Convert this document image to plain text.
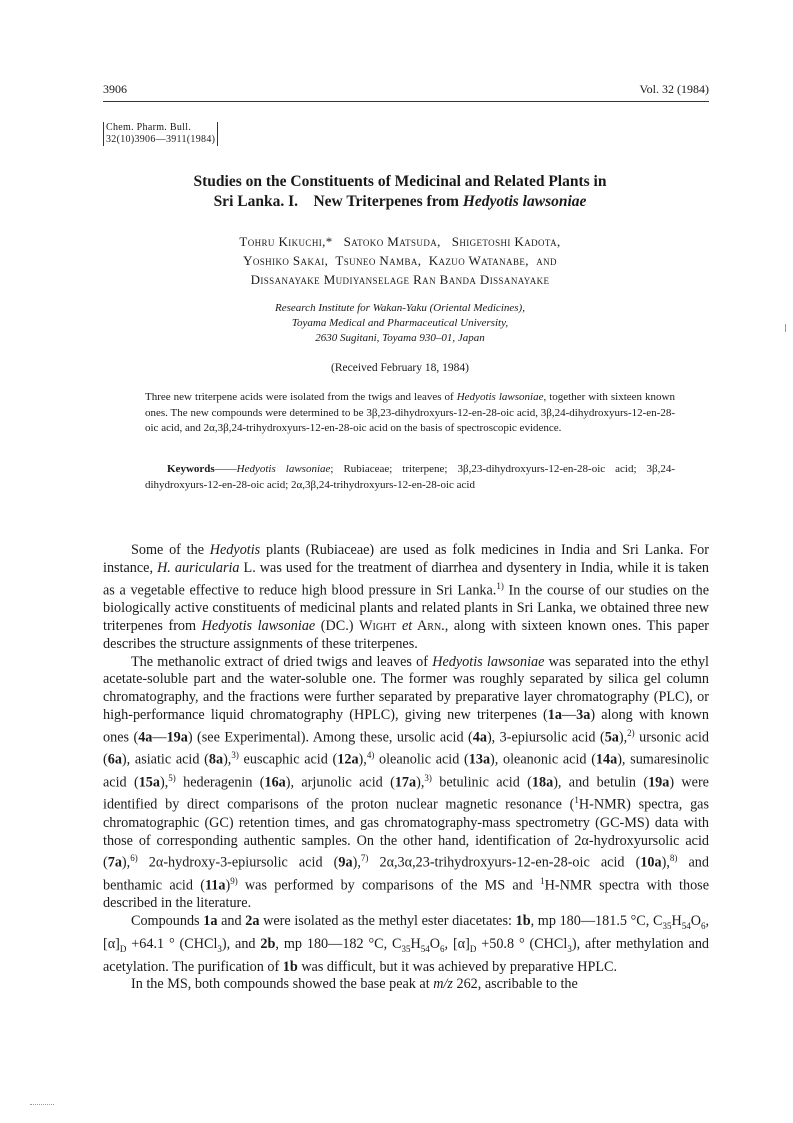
3906	Vol. 32 (1984)
Chem. Pharm. Bull.
32(10)3906—3911(1984)
Studies on the Constituents of Medicinal and Related Plants in
Sri Lanka. I.    New Triterpenes from Hedyotis lawsoniae
Tohru Kikuchi,*   Satoko Matsuda,   Shigetoshi Kadota,
Yoshiko Sakai,  Tsuneo Namba,  Kazuo Watanabe,  and
Dissanayake Mudiyanselage Ran Banda Dissanayake
Research Institute for Wakan-Yaku (Oriental Medicines),
Toyama Medical and Pharmaceutical University,
2630 Sugitani, Toyama 930–01, Japan
(Received February 18, 1984)
Three new triterpene acids were isolated from the twigs and leaves of Hedyotis lawsoniae, together with sixteen known ones. The new compounds were determined to be 3β,23-dihydroxyurs-12-en-28-oic acid, 3β,24-dihydroxyurs-12-en-28-oic acid, and 2α,3β,24-trihydroxyurs-12-en-28-oic acid on the basis of spectroscopic evidence.
Keywords——Hedyotis lawsoniae; Rubiaceae; triterpene; 3β,23-dihydroxyurs-12-en-28-oic acid; 3β,24-dihydroxyurs-12-en-28-oic acid; 2α,3β,24-trihydroxyurs-12-en-28-oic acid

Some of the Hedyotis plants (Rubiaceae) are used as folk medicines in India and Sri Lanka. For instance, H. auricularia L. was used for the treatment of diarrhea and dysentery in India, while it is taken as a vegetable effective to reduce high blood pressure in Sri Lanka.$^{1)}$ In the course of our studies on the biologically active constituents of medicinal plants and related plants in Sri Lanka, we obtained three new triterpenes from Hedyotis lawsoniae (DC.) Wight et Arn., along with sixteen known ones. This paper describes the structure assignments of these triterpenes.

The methanolic extract of dried twigs and leaves of Hedyotis lawsoniae was separated into the ethyl acetate-soluble part and the water-soluble one. The former was roughly separated by silica gel column chromatography, and the fractions were further separated by preparative layer chromatography (PLC), or high-performance liquid chromatography (HPLC), giving new triterpenes (1a—3a) along with known ones (4a—19a) (see Experimental). Among these, ursolic acid (4a), 3-epiursolic acid (5a),$^{2)}$ ursonic acid (6a), asiatic acid (8a),$^{3)}$ euscaphic acid (12a),$^{4)}$ oleanolic acid (13a), oleanonic acid (14a), sumaresinolic acid (15a),$^{5)}$ hederagenin (16a), arjunolic acid (17a),$^{3)}$ betulinic acid (18a), and betulin (19a) were identified by direct comparisons of the proton nuclear magnetic resonance ($^1$H-NMR) spectra, gas chromatographic (GC) retention times, and gas chromatography-mass spectrometry (GC-MS) data with those of corresponding authentic samples. On the other hand, identification of 2α-hydroxyursolic acid (7a),$^{6)}$ 2α-hydroxy-3-epiursolic acid (9a),$^{7)}$ 2α,3α,23-trihydroxyurs-12-en-28-oic acid (10a),$^{8)}$ and benthamic acid $(11a)^{9)}$ was performed by comparisons of the MS and $^1$H-NMR spectra with those described in the literature.

Compounds 1a and 2a were isolated as the methyl ester diacetates: 1b, mp 180—181.5 °C, $C_{35}H_{54}O_6$, $[\alpha]_D +64.1$ ° (CHCl$_3$), and 2b, mp 180—182 °C, $C_{35}H_{54}O_6$, $[\alpha]_D +50.8$ ° (CHCl$_3$), after methylation and acetylation. The purification of 1b was difficult, but it was achieved by preparative HPLC.

In the MS, both compounds showed the base peak at m/z 262, ascribable to the
